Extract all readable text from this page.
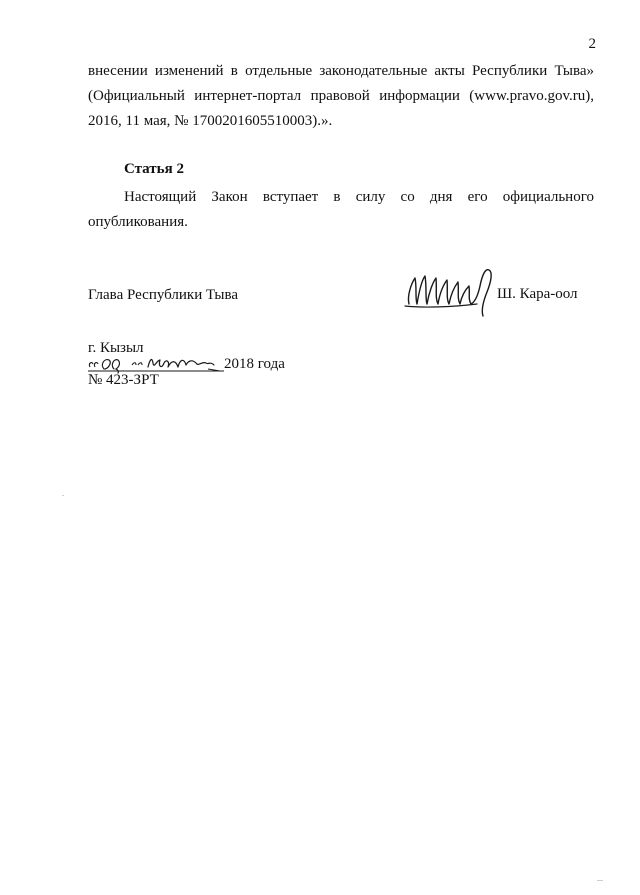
2
внесении изменений в отдельные законодательные акты Республики Тыва»
(Официальный интернет-портал правовой информации (www.pravo.gov.ru),
2016, 11 мая, № 1700201605510003).».
Статья 2
Настоящий Закон вступает в силу со дня его официального
опубликования.
Глава Республики Тыва	Ш. Кара-оол
г. Кызыл
2018 года
№ 423-ЗРТ
